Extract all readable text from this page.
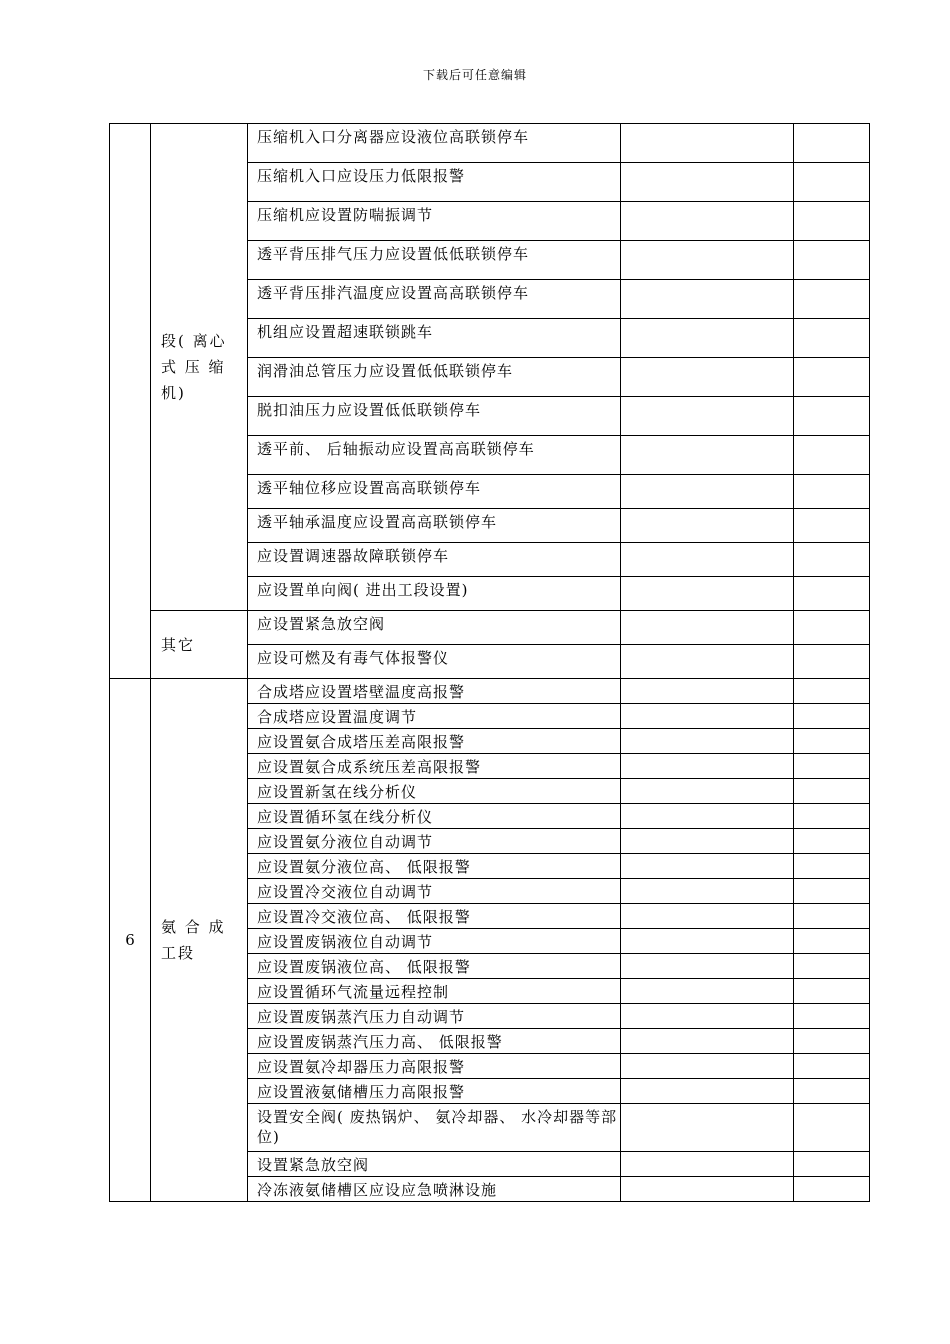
下载后可任意编辑

	段( 离心式 压 缩机)	压缩机入口分离器应设液位高联锁停车		

		压缩机入口应设压力低限报警		

		压缩机应设置防喘振调节		

		透平背压排气压力应设置低低联锁停车		

		透平背压排汽温度应设置高高联锁停车		

		机组应设置超速联锁跳车		

		润滑油总管压力应设置低低联锁停车		

		脱扣油压力应设置低低联锁停车		

		透平前、 后轴振动应设置高高联锁停车		

		透平轴位移应设置高高联锁停车		

		透平轴承温度应设置高高联锁停车		

		应设置调速器故障联锁停车		

		应设置单向阀( 进出工段设置)		

	其它	应设置紧急放空阀		

		应设可燃及有毒气体报警仪		

6	氨 合 成 工段	合成塔应设置塔壁温度高报警		

		合成塔应设置温度调节		

		应设置氨合成塔压差高限报警		

		应设置氨合成系统压差高限报警		

		应设置新氢在线分析仪		

		应设置循环氢在线分析仪		

		应设置氨分液位自动调节		

		应设置氨分液位高、 低限报警		

		应设置冷交液位自动调节		

		应设置冷交液位高、 低限报警		

		应设置废锅液位自动调节		

		应设置废锅液位高、 低限报警		

		应设置循环气流量远程控制		

		应设置废锅蒸汽压力自动调节		

		应设置废锅蒸汽压力高、 低限报警		

		应设置氨冷却器压力高限报警		

		应设置液氨储槽压力高限报警		

		设置安全阀( 废热锅炉、 氨冷却器、 水冷却器等部位)		

		设置紧急放空阀		

		冷冻液氨储槽区应设应急喷淋设施		
